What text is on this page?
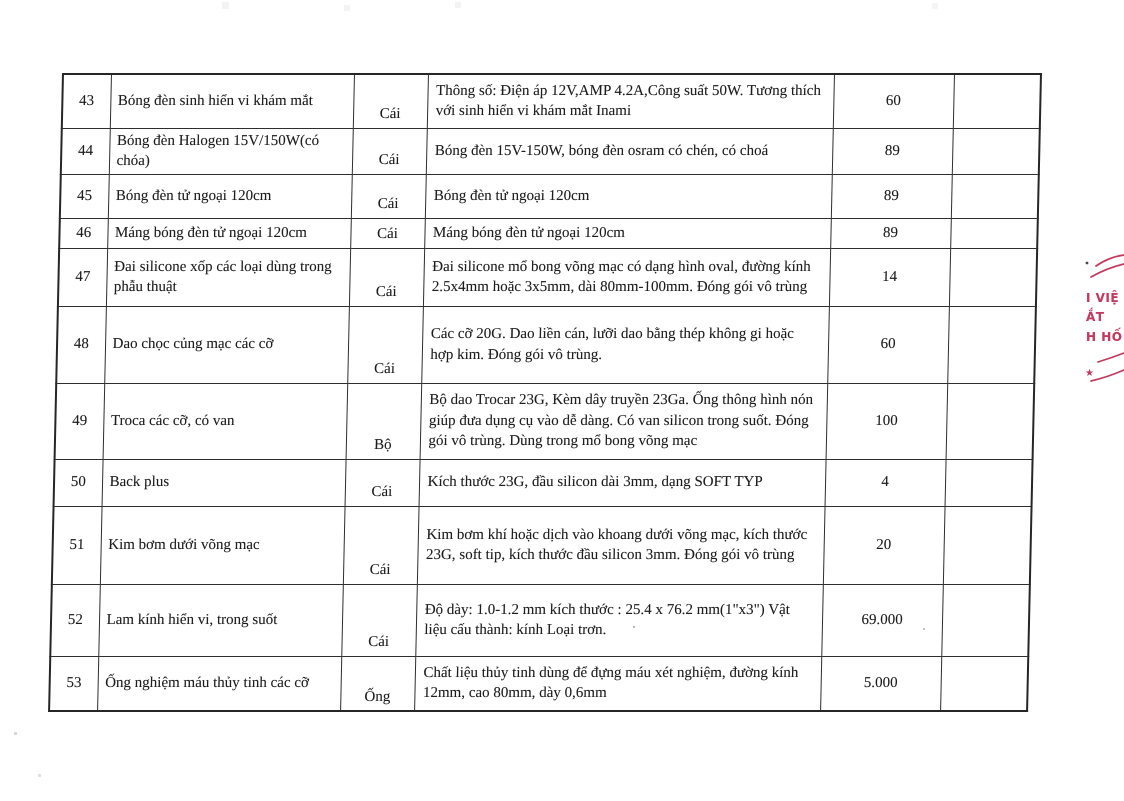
43	Bóng đèn sinh hiển vi khám mắt	Cái	Thông số: Điện áp 12V,AMP 4.2A,Công suất 50W. Tương thích với sinh hiển vi khám mắt Inami	60	
44	Bóng đèn Halogen 15V/150W(có chóa)	Cái	Bóng đèn 15V-150W, bóng đèn osram có chén, có choá	89	
45	Bóng đèn tử ngoại 120cm	Cái	Bóng đèn tử ngoại 120cm	89	
46	Máng bóng đèn tử ngoại 120cm	Cái	Máng bóng đèn tử ngoại 120cm	89	
47	Đai silicone xốp các loại dùng trong phẫu thuật	Cái	Đai silicone mổ bong võng mạc có dạng hình oval, đường kính 2.5x4mm hoặc 3x5mm, dài 80mm-100mm. Đóng gói vô trùng	14	
48	Dao chọc củng mạc các cỡ	Cái	Các cỡ 20G. Dao liền cán, lưỡi dao bằng thép không gi hoặc hợp kim. Đóng gói vô trùng.	60	
49	Troca các cỡ, có van	Bộ	Bộ dao Trocar 23G, Kèm dây truyền 23Ga. Ống thông hình nón giúp đưa dụng cụ vào dễ dàng. Có van silicon trong suốt. Đóng gói vô trùng. Dùng trong mổ bong võng mạc	100	
50	Back plus	Cái	Kích thước 23G, đầu silicon dài 3mm, dạng SOFT TYP	4	
51	Kim bơm dưới võng mạc	Cái	Kim bơm khí hoặc dịch vào khoang dưới võng mạc, kích thước 23G, soft tip, kích thước đầu silicon 3mm. Đóng gói vô trùng	20	
52	Lam kính hiển vi, trong suốt	Cái	Độ dày: 1.0-1.2 mm kích thước : 25.4 x 76.2 mm(1"x3") Vật liệu cấu thành: kính Loại trơn.	69.000	
53	Ống nghiệm máu thủy tinh các cỡ	Ống	Chất liệu thủy tinh dùng để đựng máu xét nghiệm, đường kính 12mm, cao 80mm, dày 0,6mm	5.000	
★
I VIỆ
ẮT
H HỐ
